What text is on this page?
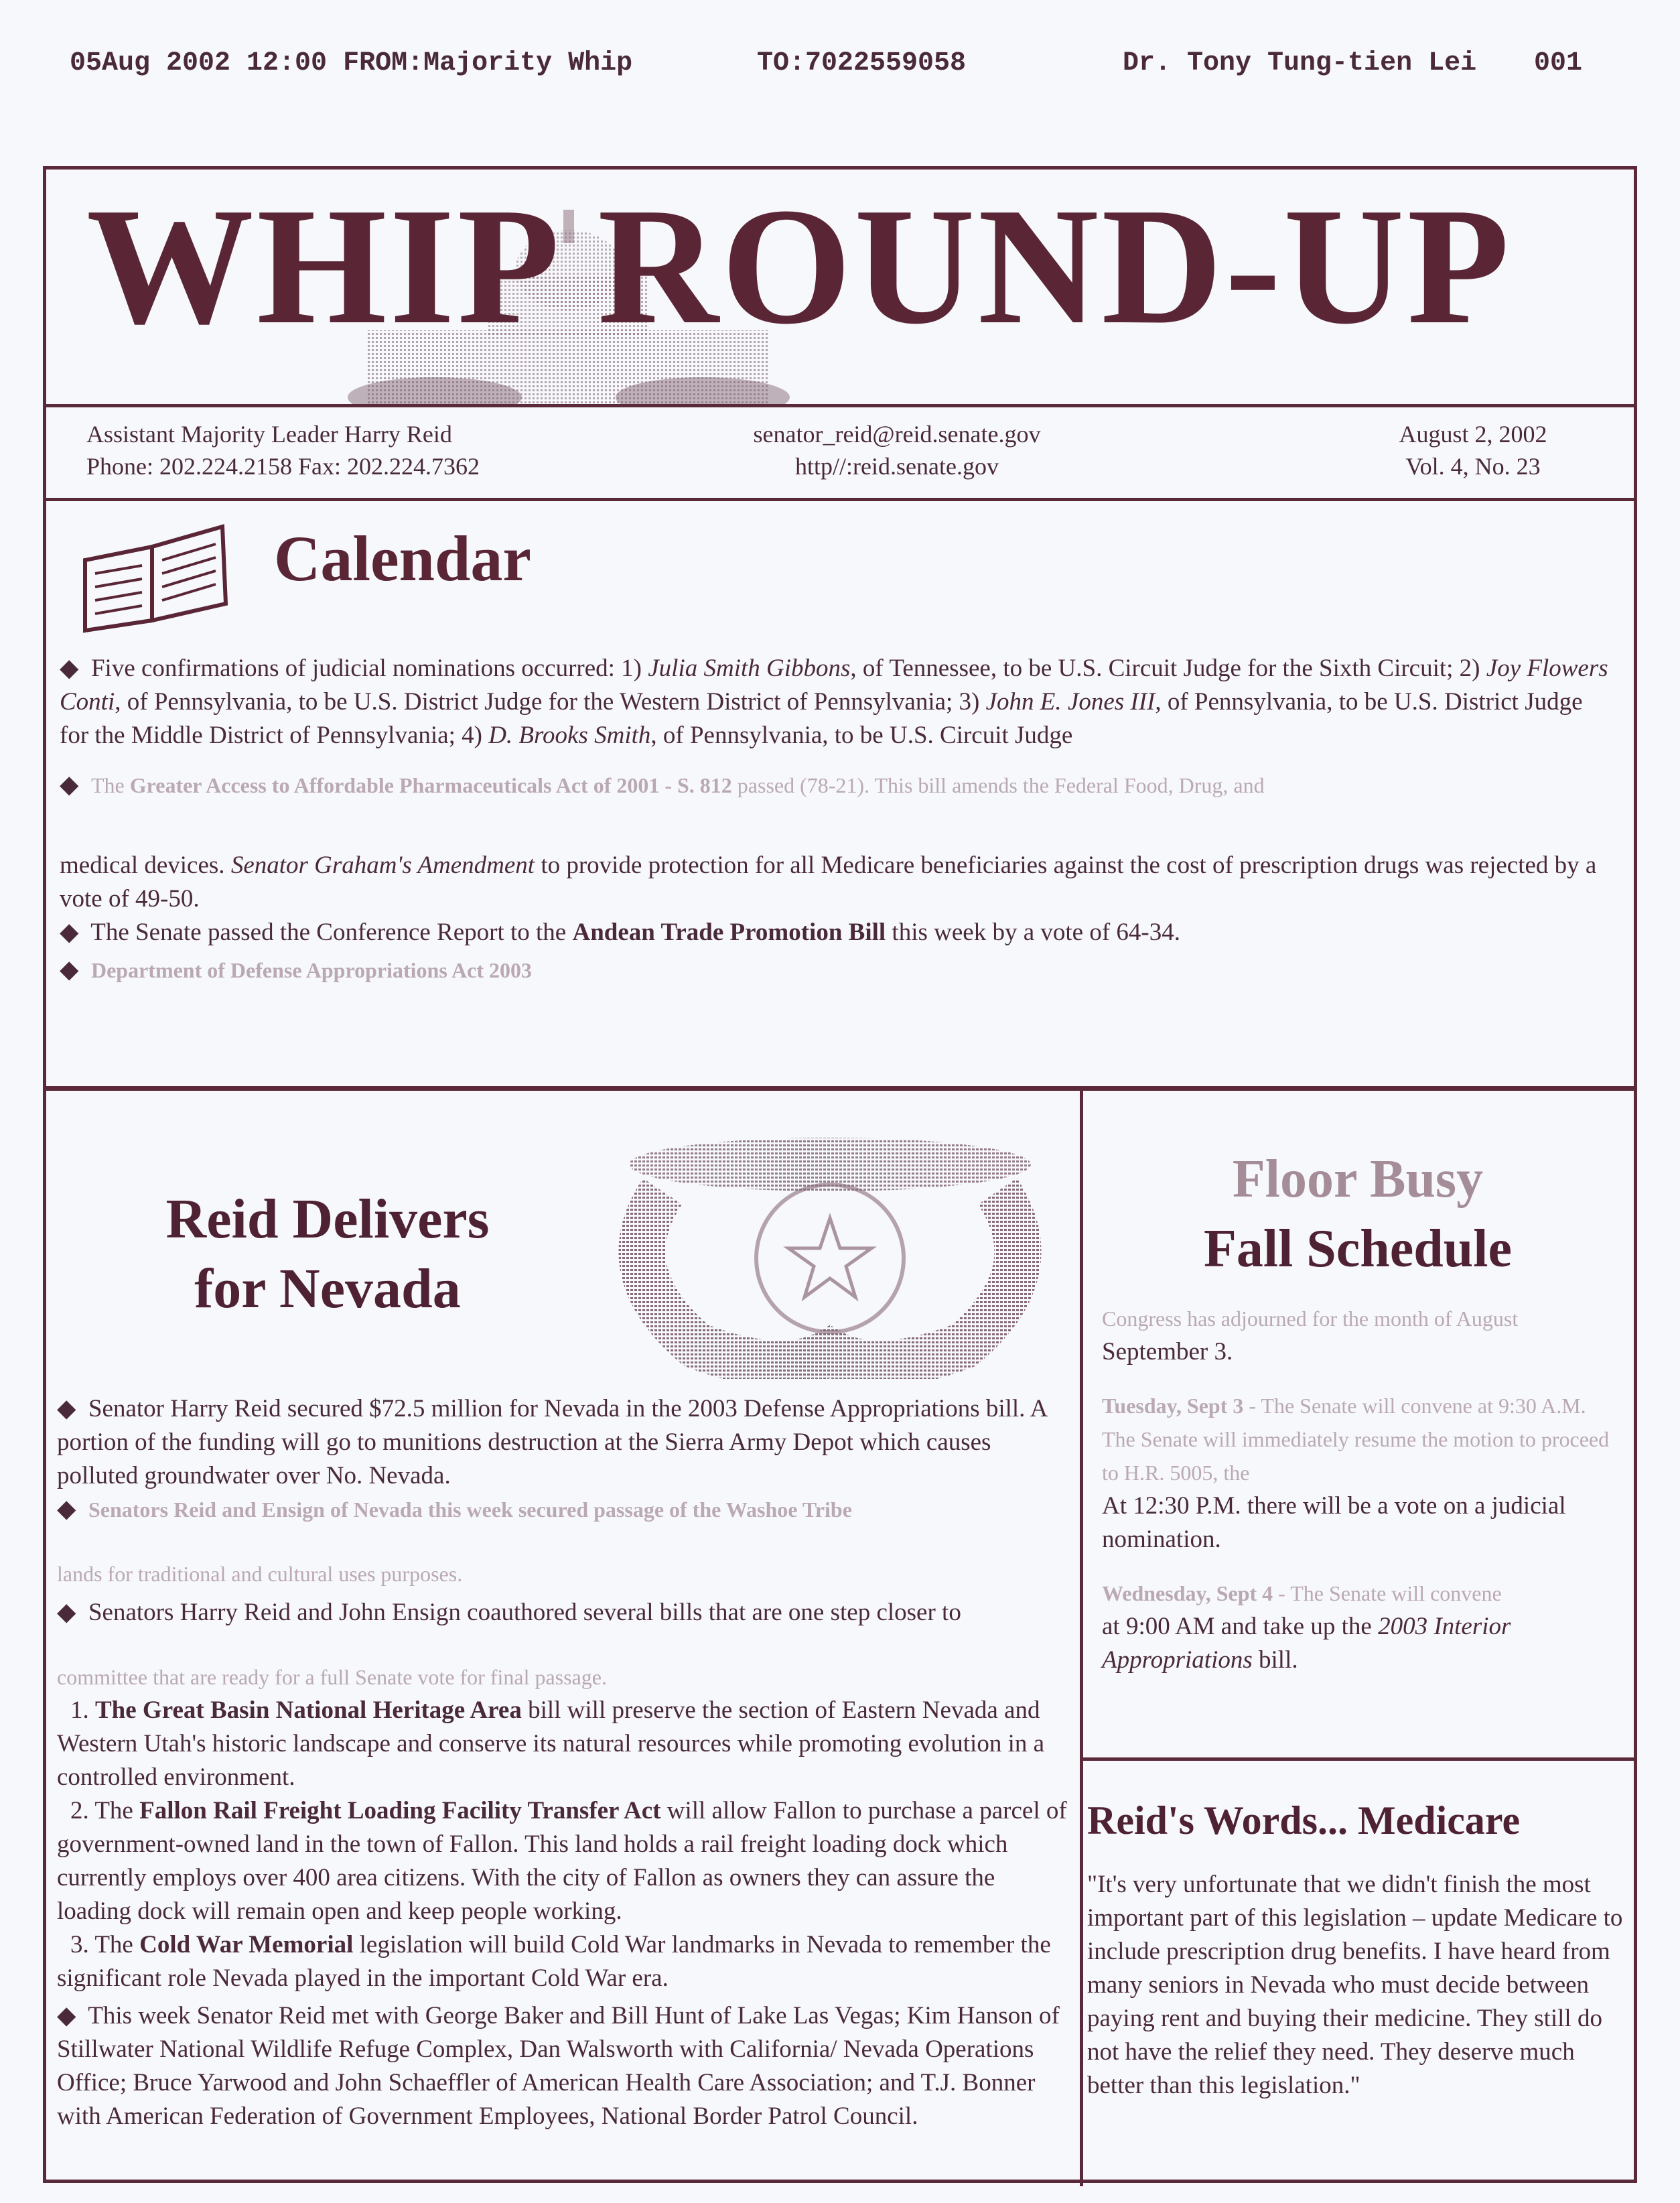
05Aug 2002 12:00 FROM:Majority Whip	TO:7022559058	Dr. Tony Tung-tien Lei 001
WHIP ROUND-UP
Assistant Majority Leader Harry Reid
Phone: 202.224.2158 Fax: 202.224.7362
senator_reid@reid.senate.gov
http//:reid.senate.gov
August 2, 2002
Vol. 4, No. 23
Calendar

◆  Five confirmations of judicial nominations occurred: 1) Julia Smith Gibbons, of Tennessee, to be U.S. Circuit Judge for the Sixth Circuit; 2) Joy Flowers Conti, of Pennsylvania, to be U.S. District Judge for the Western District of Pennsylvania; 3) John E. Jones III, of Pennsylvania, to be U.S. District Judge for the Middle District of Pennsylvania; 4) D. Brooks Smith, of Pennsylvania, to be U.S. Circuit Judge

◆  The Greater Access to Affordable Pharmaceuticals Act of 2001 - S. 812 passed (78-21). This bill amends the Federal Food, Drug, and

medical devices. Senator Graham's Amendment to provide protection for all Medicare beneficiaries against the cost of prescription drugs was rejected by a vote of 49-50.

◆  The Senate passed the Conference Report to the Andean Trade Promotion Bill this week by a vote of 64-34.

◆  Department of Defense Appropriations Act 2003

Reid Delivers
for Nevada

◆  Senator Harry Reid secured $72.5 million for Nevada in the 2003 Defense Appropriations bill. A portion of the funding will go to munitions destruction at the Sierra Army Depot which causes polluted groundwater over No. Nevada.

◆  Senators Reid and Ensign of Nevada this week secured passage of the Washoe Tribe

lands for traditional and cultural uses purposes.

◆  Senators Harry Reid and John Ensign coauthored several bills that are one step closer to

committee that are ready for a full Senate vote for final passage.

1. The Great Basin National Heritage Area bill will preserve the section of Eastern Nevada and Western Utah's historic landscape and conserve its natural resources while promoting evolution in a controlled environment.

2. The Fallon Rail Freight Loading Facility Transfer Act will allow Fallon to purchase a parcel of government-owned land in the town of Fallon. This land holds a rail freight loading dock which currently employs over 400 area citizens. With the city of Fallon as owners they can assure the loading dock will remain open and keep people working.

3. The Cold War Memorial legislation will build Cold War landmarks in Nevada to remember the significant role Nevada played in the important Cold War era.

◆  This week Senator Reid met with George Baker and Bill Hunt of Lake Las Vegas; Kim Hanson of Stillwater National Wildlife Refuge Complex, Dan Walsworth with California/ Nevada Operations Office; Bruce Yarwood and John Schaeffler of American Health Care Association; and T.J. Bonner with American Federation of Government Employees, National Border Patrol Council.

Floor Busy
Fall Schedule

Congress has adjourned for the month of August

September 3.

Tuesday, Sept 3 - The Senate will convene at 9:30 A.M. The Senate will immediately resume the motion to proceed to H.R. 5005, the

At 12:30 P.M. there will be a vote on a judicial nomination.

Wednesday, Sept 4 - The Senate will convene

at 9:00 AM and take up the 2003 Interior Appropriations bill.

Reid's Words... Medicare
"It's very unfortunate that we didn't finish the most important part of this legislation – update Medicare to include prescription drug benefits. I have heard from many seniors in Nevada who must decide between paying rent and buying their medicine. They still do not have the relief they need. They deserve much better than this legislation."
